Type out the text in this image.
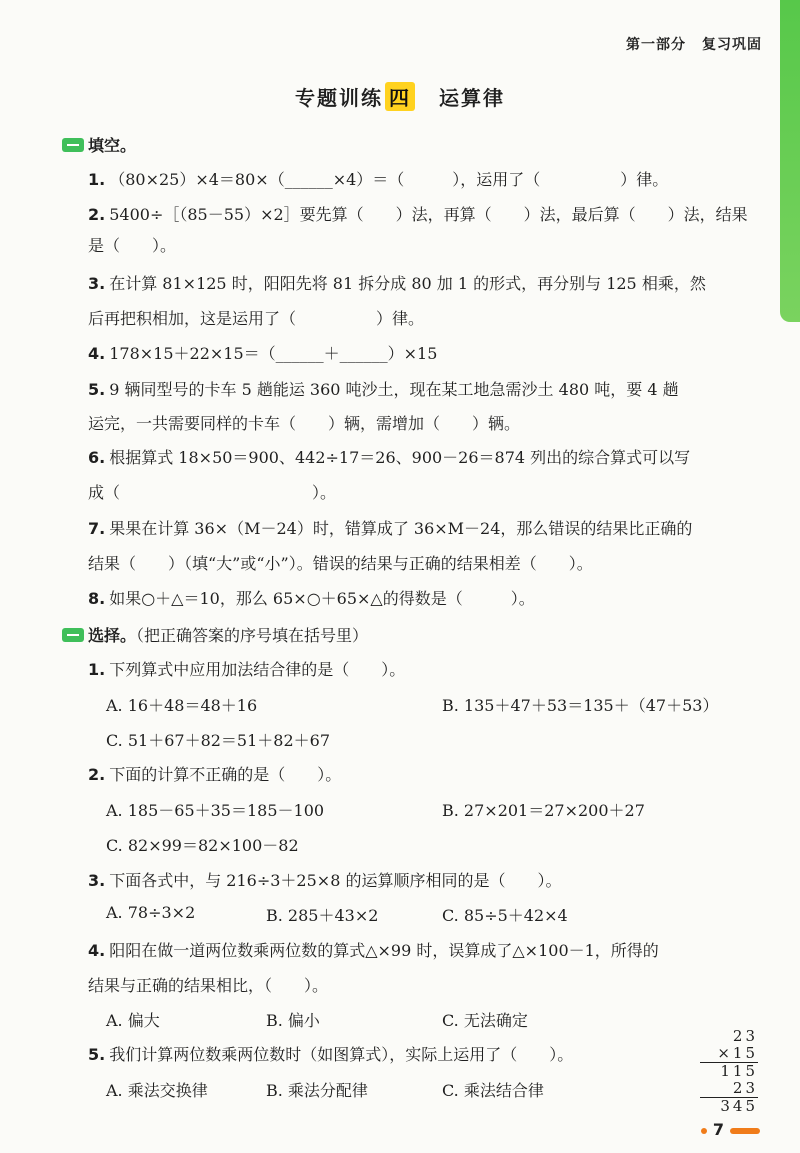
第一部分 复习巩固
专题训练 四 运算律
填空。
1. （80×25）×4＝80×（______×4）＝（　　　），运用了（　　　　　）律。
2. 5400÷［（85－55）×2］要先算（　　）法，再算（　　）法，最后算（　　）法，结果
是（　　）。
3. 在计算 81×125 时，阳阳先将 81 拆分成 80 加 1 的形式，再分别与 125 相乘，然
后再把积相加，这是运用了（　　　　　）律。
4. 178×15＋22×15＝（______＋______）×15
5. 9 辆同型号的卡车 5 趟能运 360 吨沙土，现在某工地急需沙土 480 吨，要 4 趟
运完，一共需要同样的卡车（　　）辆，需增加（　　）辆。
6. 根据算式 18×50＝900、442÷17＝26、900－26＝874 列出的综合算式可以写
成（　　　　　　　　　　　　）。
7. 果果在计算 36×（M－24）时，错算成了 36×M－24，那么错误的结果比正确的
结果（　　）（填“大”或“小”）。错误的结果与正确的结果相差（　　）。
8. 如果○＋△＝10，那么 65×○＋65×△的得数是（　　　）。
选择。（把正确答案的序号填在括号里）
1. 下列算式中应用加法结合律的是（　　）。
A. 16＋48＝48＋16	B. 135＋47＋53＝135＋（47＋53）
C. 51＋67＋82＝51＋82＋67
2. 下面的计算不正确的是（　　）。
A. 185－65＋35＝185－100	B. 27×201＝27×200＋27
C. 82×99＝82×100－82
3. 下面各式中，与 216÷3＋25×8 的运算顺序相同的是（　　）。
A. 78÷3×2	B. 285＋43×2	C. 85÷5＋42×4
4. 阳阳在做一道两位数乘两位数的算式△×99 时，误算成了△×100－1，所得的
结果与正确的结果相比，（　　）。
A. 偏大	B. 偏小	C. 无法确定
5. 我们计算两位数乘两位数时（如图算式），实际上运用了（　　）。
A. 乘法交换律	B. 乘法分配律	C. 乘法结合律
23
×15
115
23
345
7
